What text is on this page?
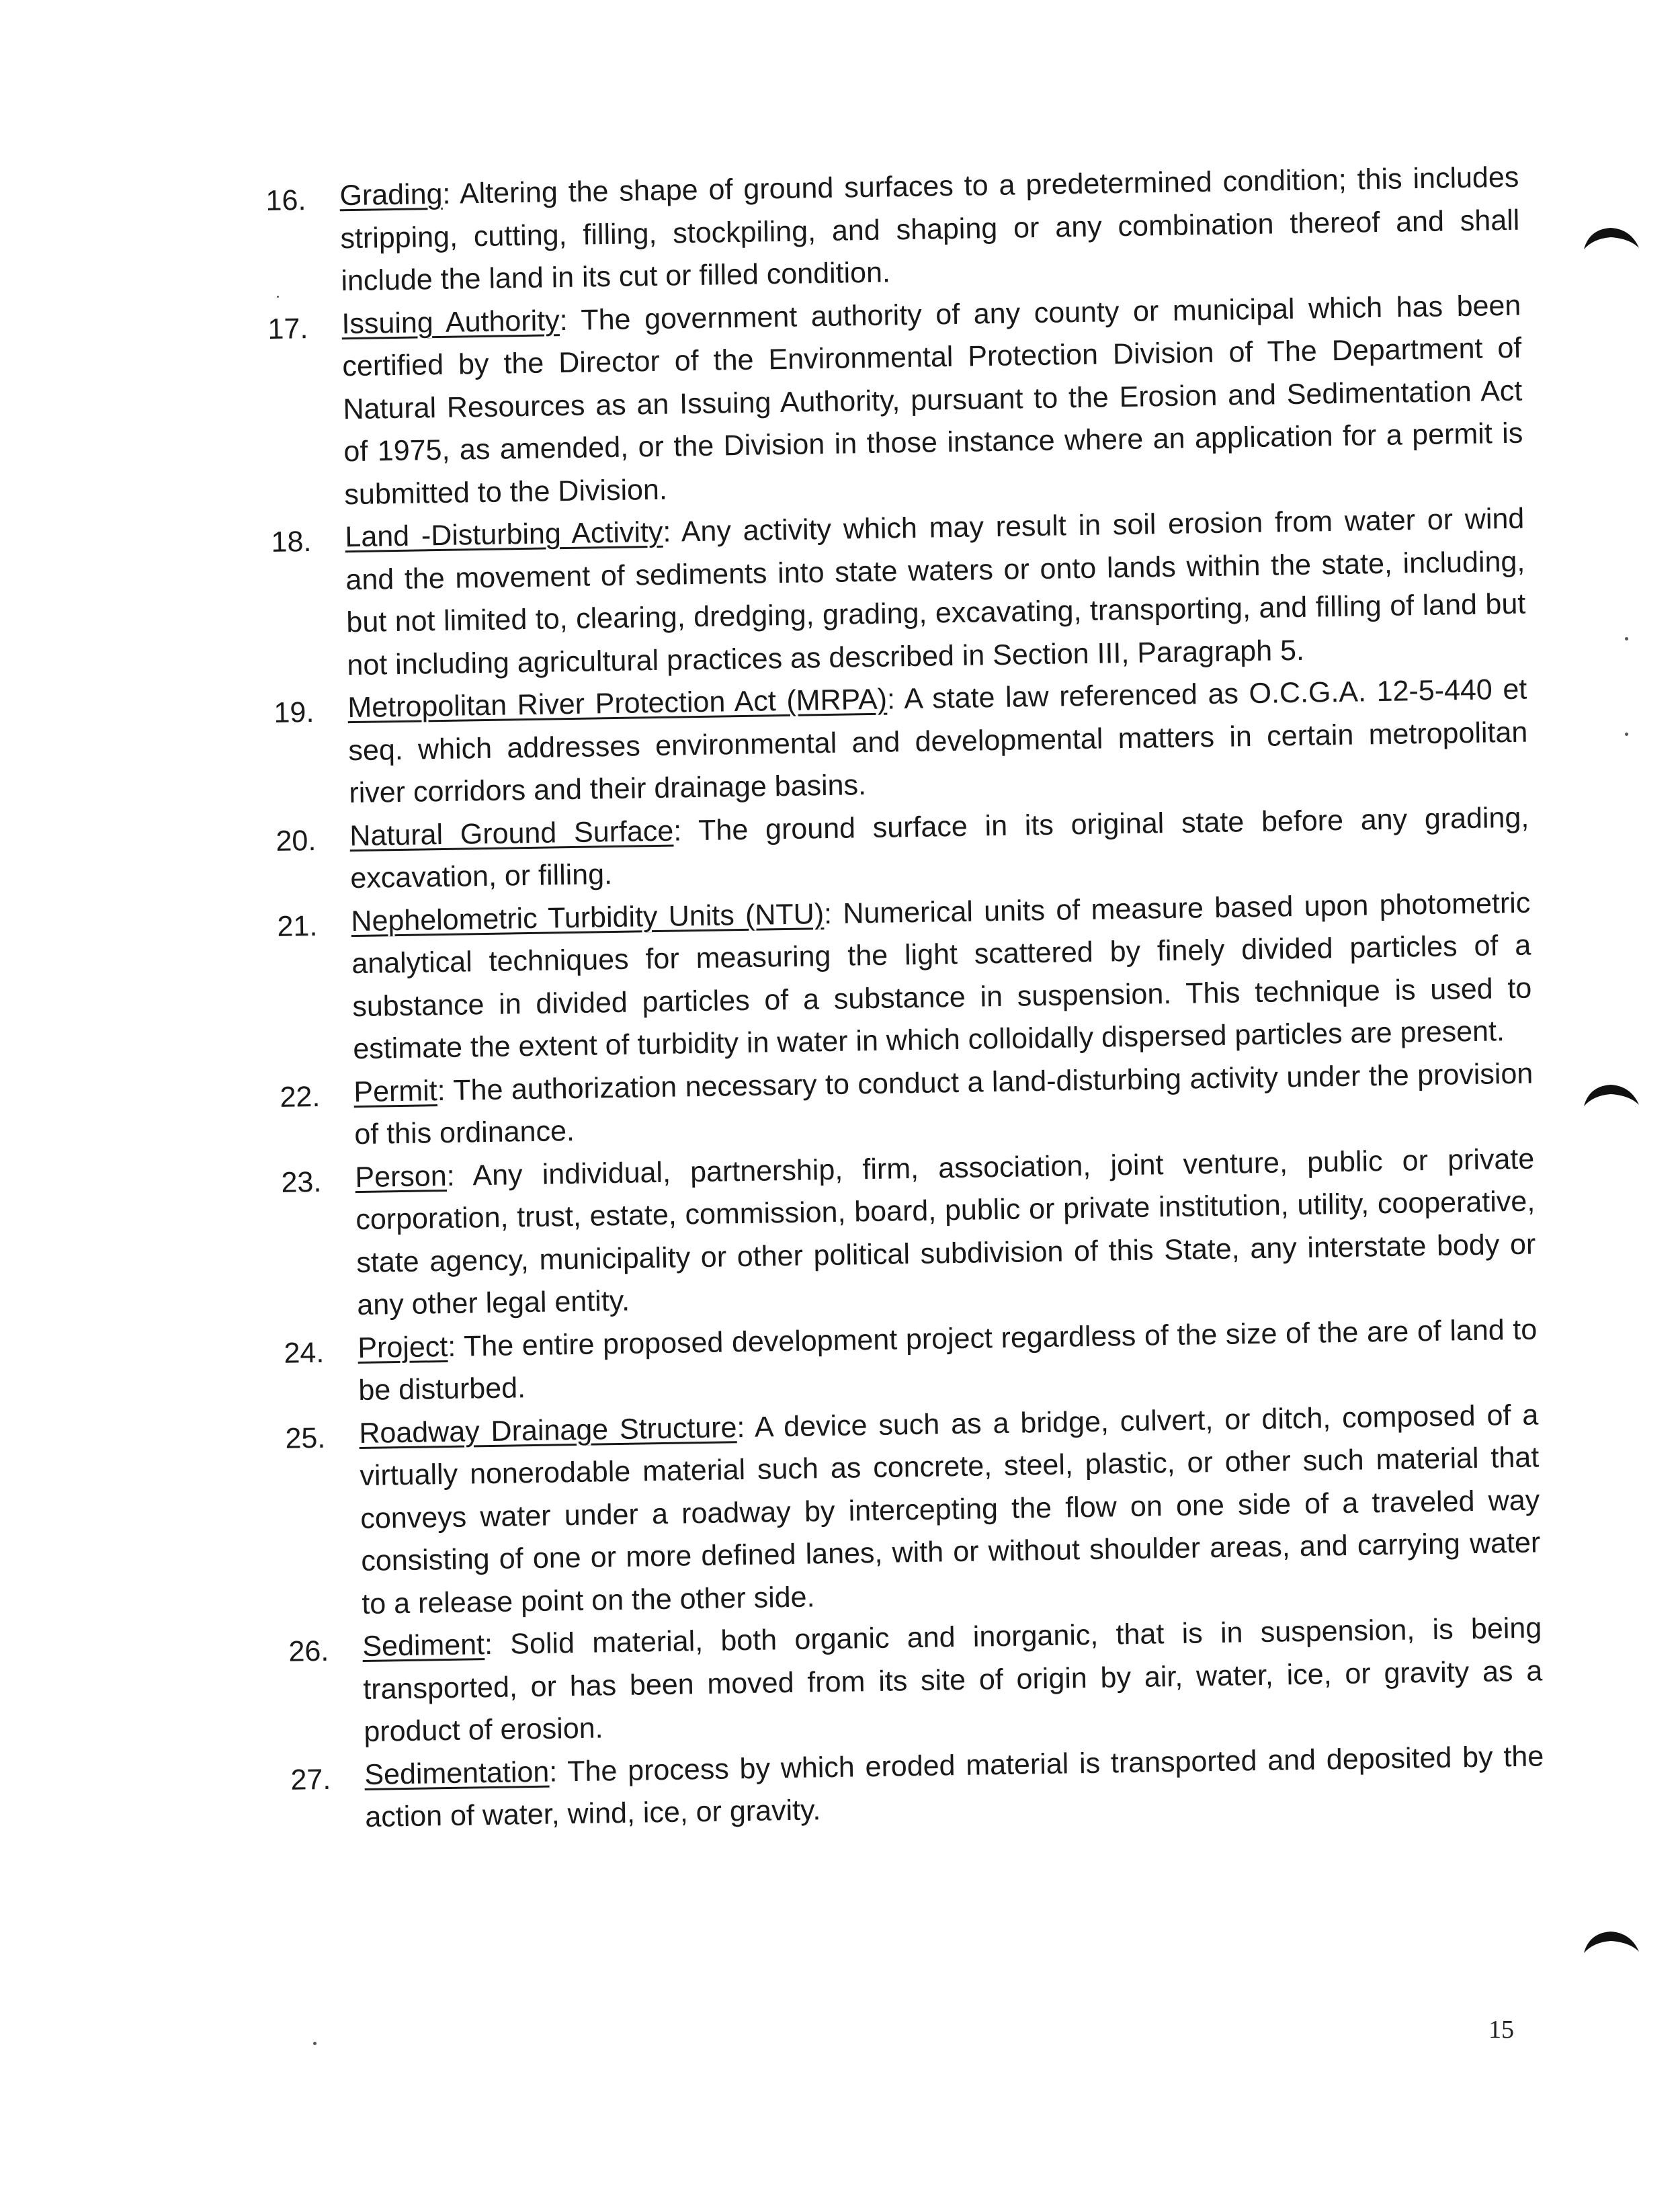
16.	Grading: Altering the shape of ground surfaces to a predetermined condition; this includes stripping, cutting, filling, stockpiling, and shaping or any combination thereof and shall include the land in its cut or filled condition.
17.	Issuing Authority: The government authority of any county or municipal which has been certified by the Director of the Environmental Protection Division of The Department of Natural Resources as an Issuing Authority, pursuant to the Erosion and Sedimentation Act of 1975, as amended, or the Division in those instance where an application for a permit is submitted to the Division.
18.	Land -Disturbing Activity: Any activity which may result in soil erosion from water or wind and the movement of sediments into state waters or onto lands within the state, including, but not limited to, clearing, dredging, grading, excavating, transporting, and filling of land but not including agricultural practices as described in Section III, Paragraph 5.
19.	Metropolitan River Protection Act (MRPA): A state law referenced as O.C.G.A. 12-5-440 et seq. which addresses environmental and developmental matters in certain metropolitan river corridors and their drainage basins.
20.	Natural Ground Surface: The ground surface in its original state before any grading, excavation, or filling.
21.	Nephelometric Turbidity Units (NTU): Numerical units of measure based upon photometric analytical techniques for measuring the light scattered by finely divided particles of a substance in divided particles of a substance in suspension. This technique is used to estimate the extent of turbidity in water in which colloidally dispersed particles are present.
22.	Permit: The authorization necessary to conduct a land-disturbing activity under the provision of this ordinance.
23.	Person: Any individual, partnership, firm, association, joint venture, public or private corporation, trust, estate, commission, board, public or private institution, utility, cooperative, state agency, municipality or other political subdivision of this State, any interstate body or any other legal entity.
24.	Project: The entire proposed development project regardless of the size of the are of land to be disturbed.
25.	Roadway Drainage Structure: A device such as a bridge, culvert, or ditch, composed of a virtually nonerodable material such as concrete, steel, plastic, or other such material that conveys water under a roadway by intercepting the flow on one side of a traveled way consisting of one or more defined lanes, with or without shoulder areas, and carrying water to a release point on the other side.
26.	Sediment: Solid material, both organic and inorganic, that is in suspension, is being transported, or has been moved from its site of origin by air, water, ice, or gravity as a product of erosion.
27.	Sedimentation: The process by which eroded material is transported and deposited by the action of water, wind, ice, or gravity.
15
